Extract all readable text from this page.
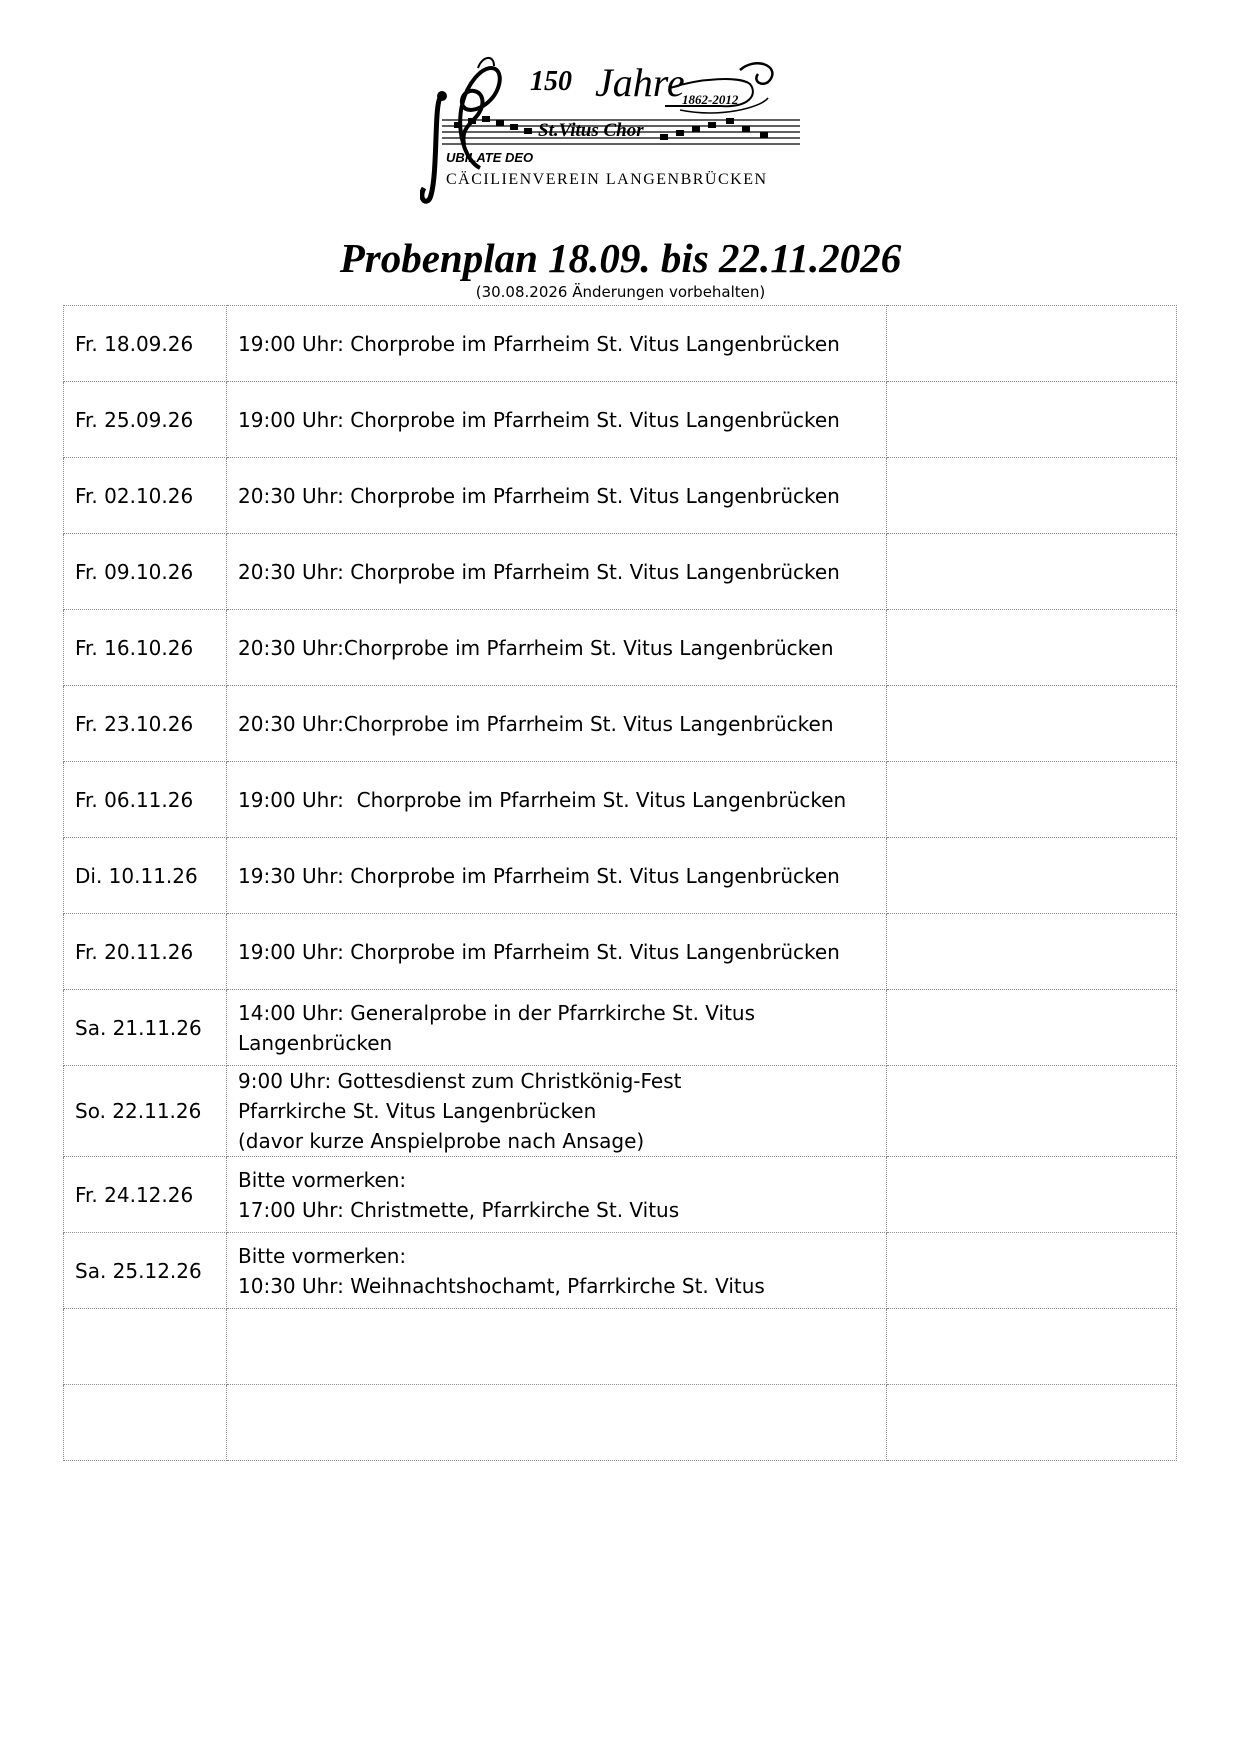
150 Jahre
1862-2012
St.Vitus Chor
UBILATE DEO
CÄCILIENVEREIN LANGENBRÜCKEN
Probenplan 18.09. bis 22.11.2026
(30.08.2026 Änderungen vorbehalten)
Fr. 18.09.26	19:00 Uhr: Chorprobe im Pfarrheim St. Vitus Langenbrücken	

Fr. 25.09.26	19:00 Uhr: Chorprobe im Pfarrheim St. Vitus Langenbrücken	

Fr. 02.10.26	20:30 Uhr: Chorprobe im Pfarrheim St. Vitus Langenbrücken	

Fr. 09.10.26	20:30 Uhr: Chorprobe im Pfarrheim St. Vitus Langenbrücken	

Fr. 16.10.26	20:30 Uhr:Chorprobe im Pfarrheim St. Vitus Langenbrücken	

Fr. 23.10.26	20:30 Uhr:Chorprobe im Pfarrheim St. Vitus Langenbrücken	

Fr. 06.11.26	19:00 Uhr:  Chorprobe im Pfarrheim St. Vitus Langenbrücken	

Di. 10.11.26	19:30 Uhr: Chorprobe im Pfarrheim St. Vitus Langenbrücken	

Fr. 20.11.26	19:00 Uhr: Chorprobe im Pfarrheim St. Vitus Langenbrücken	

Sa. 21.11.26	14:00 Uhr: Generalprobe in der Pfarrkirche St. Vitus
Langenbrücken	

So. 22.11.26	9:00 Uhr: Gottesdienst zum Christkönig-Fest
Pfarrkirche St. Vitus Langenbrücken
(davor kurze Anspielprobe nach Ansage)	

Fr. 24.12.26	Bitte vormerken:
17:00 Uhr: Christmette, Pfarrkirche St. Vitus	

Sa. 25.12.26	Bitte vormerken:
10:30 Uhr: Weihnachtshochamt, Pfarrkirche St. Vitus	
